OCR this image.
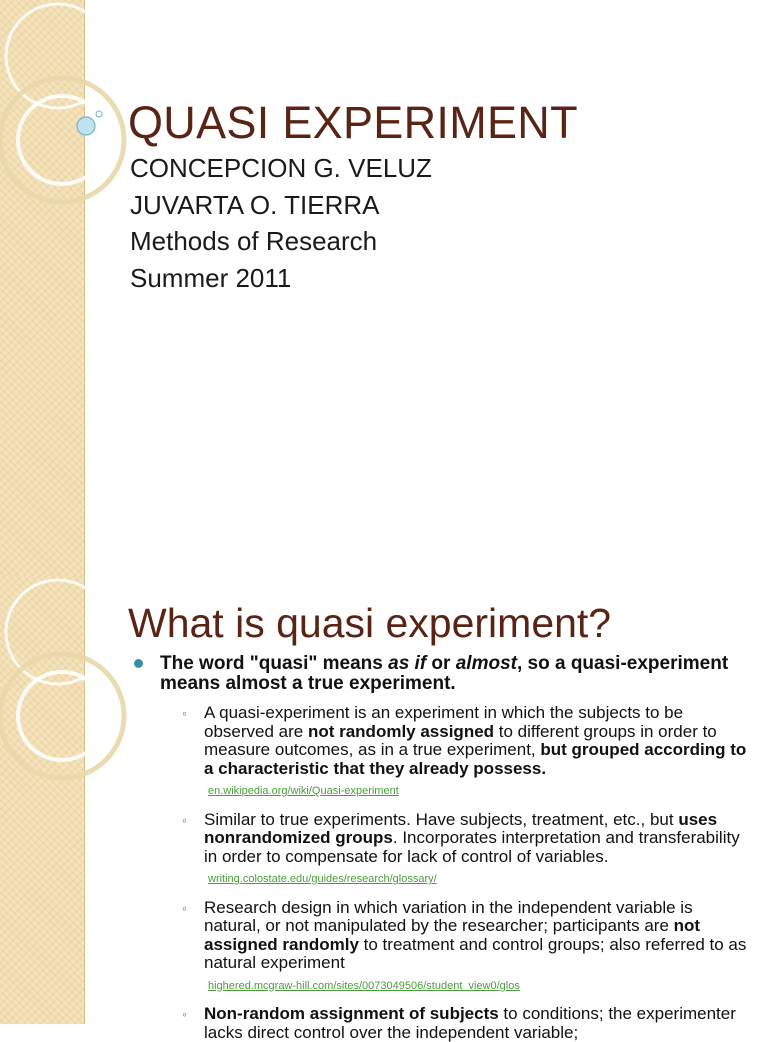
QUASI EXPERIMENT
CONCEPCION G. VELUZ
JUVARTA O. TIERRA
Methods of Research
Summer 2011
What is quasi experiment?
The word "quasi" means as if or almost, so a quasi-experiment means almost a true experiment.
◦ A quasi-experiment is an experiment in which the subjects to be observed are not randomly assigned to different groups in order to measure outcomes, as in a true experiment, but grouped according to a characteristic that they already possess.
en.wikipedia.org/wiki/Quasi-experiment
◦ Similar to true experiments. Have subjects, treatment, etc., but uses nonrandomized groups. Incorporates interpretation and transferability in order to compensate for lack of control of variables.
writing.colostate.edu/guides/research/glossary/
◦ Research design in which variation in the independent variable is natural, or not manipulated by the researcher; participants are not assigned randomly to treatment and control groups; also referred to as natural experiment
highered.mcgraw-hill.com/sites/0073049506/student_view0/glos
◦ Non-random assignment of subjects to conditions; the experimenter lacks direct control over the independent variable;
